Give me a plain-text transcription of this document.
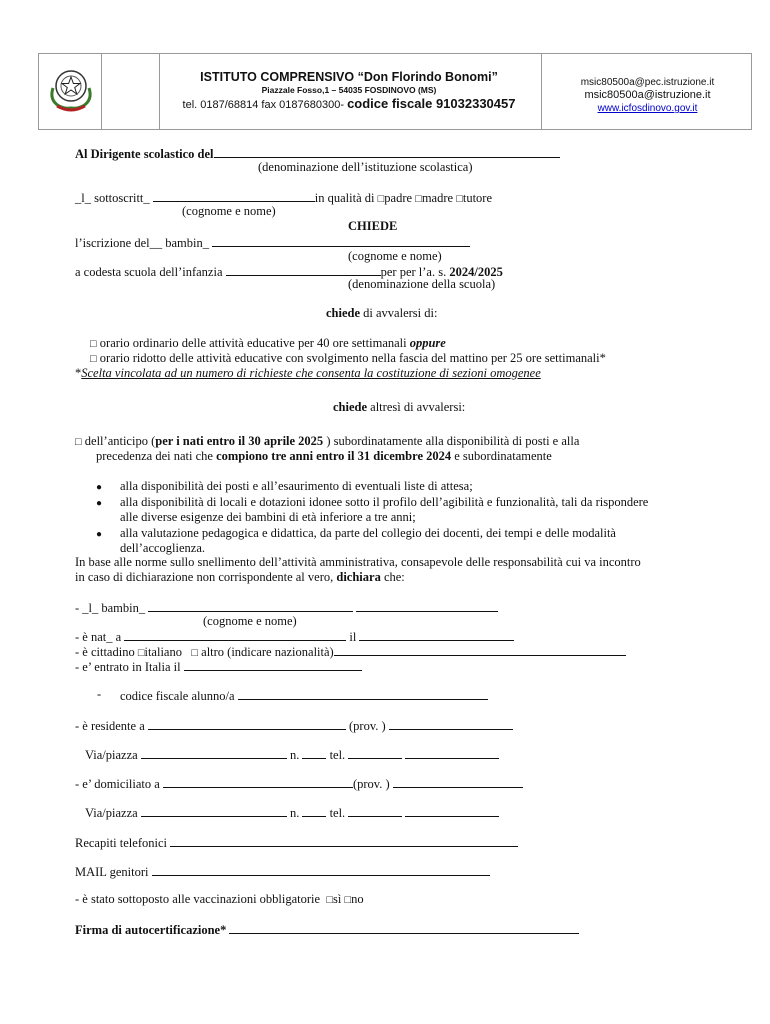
ISTITUTO COMPRENSIVO “Don Florindo Bonomi”
Piazzale Fosso,1 – 54035 FOSDINOVO (MS)
tel. 0187/68814 fax 0187680300- codice fiscale 91032330457
msic80500a@pec.istruzione.it
msic80500a@istruzione.it
www.icfosdinovo.gov.it
Al Dirigente scolastico del
(denominazione dell’istituzione scolastica)
_l_ sottoscritt_	in qualità di □padre □madre □tutore
(cognome e nome)
CHIEDE
l’iscrizione del__ bambin_
(cognome e nome)
a codesta scuola dell’infanzia	per per l’a. s. 2024/2025
(denominazione della scuola)
chiede di avvalersi di:
□ orario ordinario delle attività educative per 40 ore settimanali oppure
□ orario ridotto delle attività educative con svolgimento nella fascia del mattino per 25 ore settimanali*
*Scelta vincolata ad un numero di richieste che consenta la costituzione di sezioni omogenee
chiede altresì di avvalersi:
□ dell’anticipo (per i nati entro il 30 aprile 2025 ) subordinatamente alla disponibilità di posti e alla
precedenza dei nati che compiono tre anni entro il 31 dicembre 2024 e subordinatamente
● alla disponibilità dei posti e all’esaurimento di eventuali liste di attesa;
● alla disponibilità di locali e dotazioni idonee sotto il profilo dell’agibilità e funzionalità, tali da rispondere
alle diverse esigenze dei bambini di età inferiore a tre anni;
● alla valutazione pedagogica e didattica, da parte del collegio dei docenti, dei tempi e delle modalità
dell’accoglienza.
In base alle norme sullo snellimento dell’attività amministrativa, consapevole delle responsabilità cui va incontro
in caso di dichiarazione non corrispondente al vero, dichiara che:
- _l_ bambin_
(cognome e nome)
- è nat_ a	il
- è cittadino □italiano □ altro (indicare nazionalità)
- e’ entrato in Italia il
- codice fiscale alunno/a
- è residente a	(prov. )
Via/piazza	n. tel.
- e’ domiciliato a	(prov. )
Via/piazza	n. tel.
Recapiti telefonici
MAIL genitori
- è stato sottoposto alle vaccinazioni obbligatorie □sì □no
Firma di autocertificazione*
